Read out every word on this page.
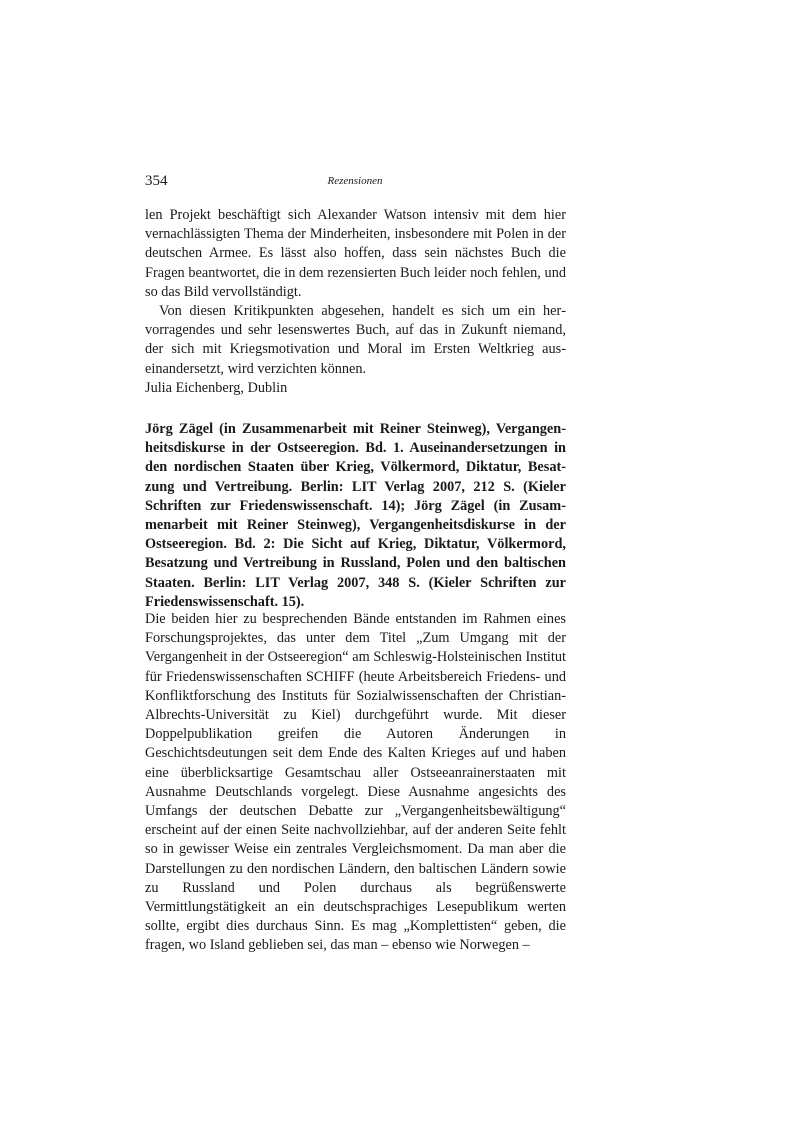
354	Rezensionen

len Projekt beschäftigt sich Alexander Watson intensiv mit dem hier vernachlässigten Thema der Minderheiten, insbesondere mit Polen in der deutschen Armee. Es lässt also hoffen, dass sein nächstes Buch die Fragen beantwortet, die in dem rezensierten Buch leider noch fehlen, und so das Bild vervollständigt.

Von diesen Kritikpunkten abgesehen, handelt es sich um ein hervorragendes und sehr lesenswertes Buch, auf das in Zukunft niemand, der sich mit Kriegsmotivation und Moral im Ersten Weltkrieg auseinandersetzt, wird verzichten können.

Julia Eichenberg, Dublin

Jörg Zägel (in Zusammenarbeit mit Reiner Steinweg), Vergangenheitsdiskurse in der Ostseeregion. Bd. 1. Auseinandersetzungen in den nordischen Staaten über Krieg, Völkermord, Diktatur, Besatzung und Vertreibung. Berlin: LIT Verlag 2007, 212 S. (Kieler Schriften zur Friedenswissenschaft. 14); Jörg Zägel (in Zusammenarbeit mit Reiner Steinweg), Vergangenheitsdiskurse in der Ostseeregion. Bd. 2: Die Sicht auf Krieg, Diktatur, Völkermord, Besatzung und Vertreibung in Russland, Polen und den baltischen Staaten. Berlin: LIT Verlag 2007, 348 S. (Kieler Schriften zur Friedenswissenschaft. 15).

Die beiden hier zu besprechenden Bände entstanden im Rahmen eines Forschungsprojektes, das unter dem Titel „Zum Umgang mit der Vergangenheit in der Ostseeregion“ am Schleswig-Holsteinischen Institut für Friedenswissenschaften SCHIFF (heute Arbeitsbereich Friedens- und Konfliktforschung des Instituts für Sozialwissenschaften der Christian-Albrechts-Universität zu Kiel) durchgeführt wurde. Mit dieser Doppelpublikation greifen die Autoren Änderungen in Geschichtsdeutungen seit dem Ende des Kalten Krieges auf und haben eine überblicksartige Gesamtschau aller Ostseeanrainerstaaten mit Ausnahme Deutschlands vorgelegt. Diese Ausnahme angesichts des Umfangs der deutschen Debatte zur „Vergangenheitsbewältigung“ erscheint auf der einen Seite nachvollziehbar, auf der anderen Seite fehlt so in gewisser Weise ein zentrales Vergleichsmoment. Da man aber die Darstellungen zu den nordischen Ländern, den baltischen Ländern sowie zu Russland und Polen durchaus als begrüßenswerte Vermittlungstätigkeit an ein deutschsprachiges Lesepublikum werten sollte, ergibt dies durchaus Sinn. Es mag „Komplettisten“ geben, die fragen, wo Island geblieben sei, das man – ebenso wie Norwegen –
